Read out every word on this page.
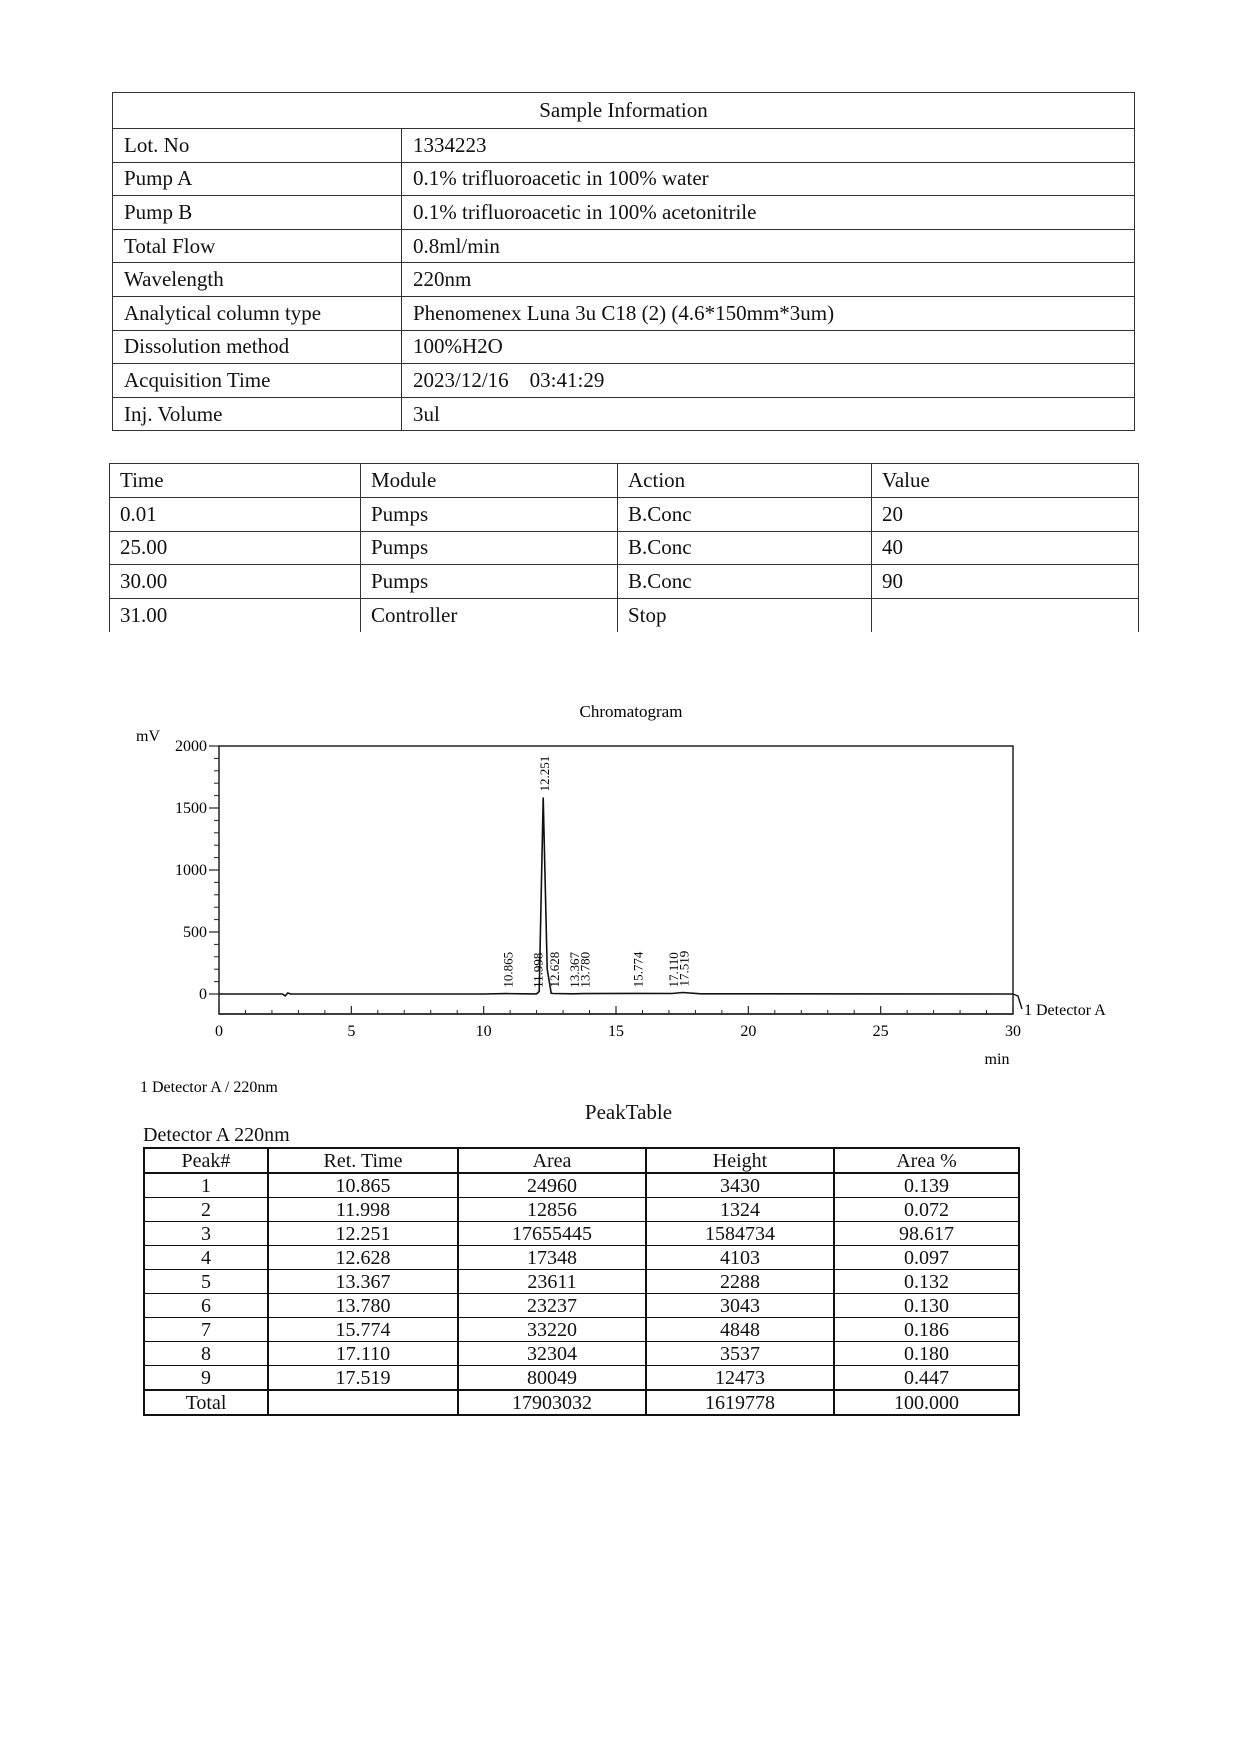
Sample Information	
Lot. No	1334223
Pump A	0.1% trifluoroacetic in 100% water
Pump B	0.1% trifluoroacetic in 100% acetonitrile
Total Flow	0.8ml/min
Wavelength	220nm
Analytical column type	Phenomenex Luna 3u C18 (2) (4.6*150mm*3um)
Dissolution method	100%H2O
Acquisition Time	2023/12/16    03:41:29
Inj. Volume	3ul
Time	Module	Action	Value
0.01	Pumps	B.Conc	20
25.00	Pumps	B.Conc	40
30.00	Pumps	B.Conc	90
31.00	Controller	Stop	
Chromatogram
mV
min
0
500
1000
1500
2000
0	5	10	15	20	25	30
10.865 11.998
12.251
12.628 13.367
13.780	15.774 17.110
17.519
1 Detector A
1 Detector A / 220nm
PeakTable
Detector A 220nm
Peak#	Ret. Time	Area	Height	Area %
1	10.865	24960	3430	0.139
2	11.998	12856	1324	0.072
3	12.251	17655445	1584734	98.617
4	12.628	17348	4103	0.097
5	13.367	23611	2288	0.132
6	13.780	23237	3043	0.130
7	15.774	33220	4848	0.186
8	17.110	32304	3537	0.180
9	17.519	80049	12473	0.447
Total		17903032	1619778	100.000
